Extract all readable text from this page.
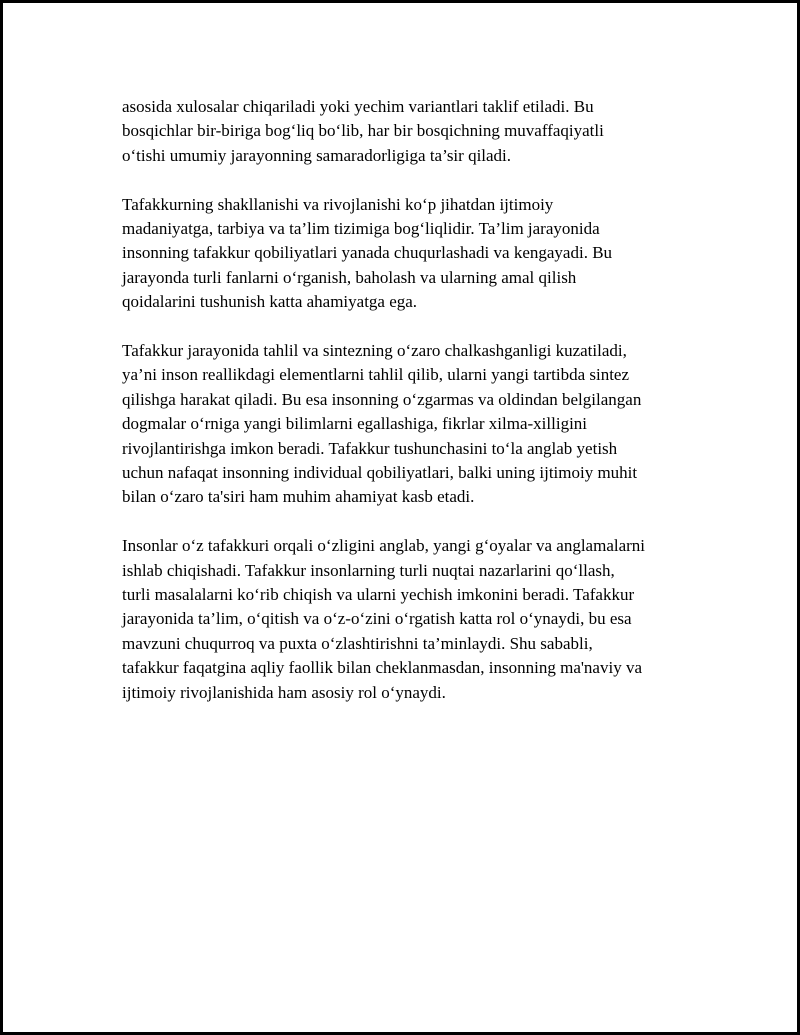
asosida xulosalar chiqariladi yoki yechim variantlari taklif etiladi. Bu
bosqichlar bir-biriga bog‘liq bo‘lib, har bir bosqichning muvaffaqiyatli
o‘tishi umumiy jarayonning samaradorligiga ta’sir qiladi.

Tafakkurning shakllanishi va rivojlanishi ko‘p jihatdan ijtimoiy
madaniyatga, tarbiya va ta’lim tizimiga bog‘liqlidir. Ta’lim jarayonida
insonning tafakkur qobiliyatlari yanada chuqurlashadi va kengayadi. Bu
jarayonda turli fanlarni o‘rganish, baholash va ularning amal qilish
qoidalarini tushunish katta ahamiyatga ega.

Tafakkur jarayonida tahlil va sintezning o‘zaro chalkashganligi kuzatiladi,
ya’ni inson reallikdagi elementlarni tahlil qilib, ularni yangi tartibda sintez
qilishga harakat qiladi. Bu esa insonning o‘zgarmas va oldindan belgilangan
dogmalar o‘rniga yangi bilimlarni egallashiga, fikrlar xilma-xilligini
rivojlantirishga imkon beradi. Tafakkur tushunchasini to‘la anglab yetish
uchun nafaqat insonning individual qobiliyatlari, balki uning ijtimoiy muhit
bilan o‘zaro ta'siri ham muhim ahamiyat kasb etadi.

Insonlar o‘z tafakkuri orqali o‘zligini anglab, yangi g‘oyalar va anglamalarni
ishlab chiqishadi. Tafakkur insonlarning turli nuqtai nazarlarini qo‘llash,
turli masalalarni ko‘rib chiqish va ularni yechish imkonini beradi. Tafakkur
jarayonida ta’lim, o‘qitish va o‘z-o‘zini o‘rgatish katta rol o‘ynaydi, bu esa
mavzuni chuqurroq va puxta o‘zlashtirishni ta’minlaydi. Shu sababli,
tafakkur faqatgina aqliy faollik bilan cheklanmasdan, insonning ma'naviy va
ijtimoiy rivojlanishida ham asosiy rol o‘ynaydi.
